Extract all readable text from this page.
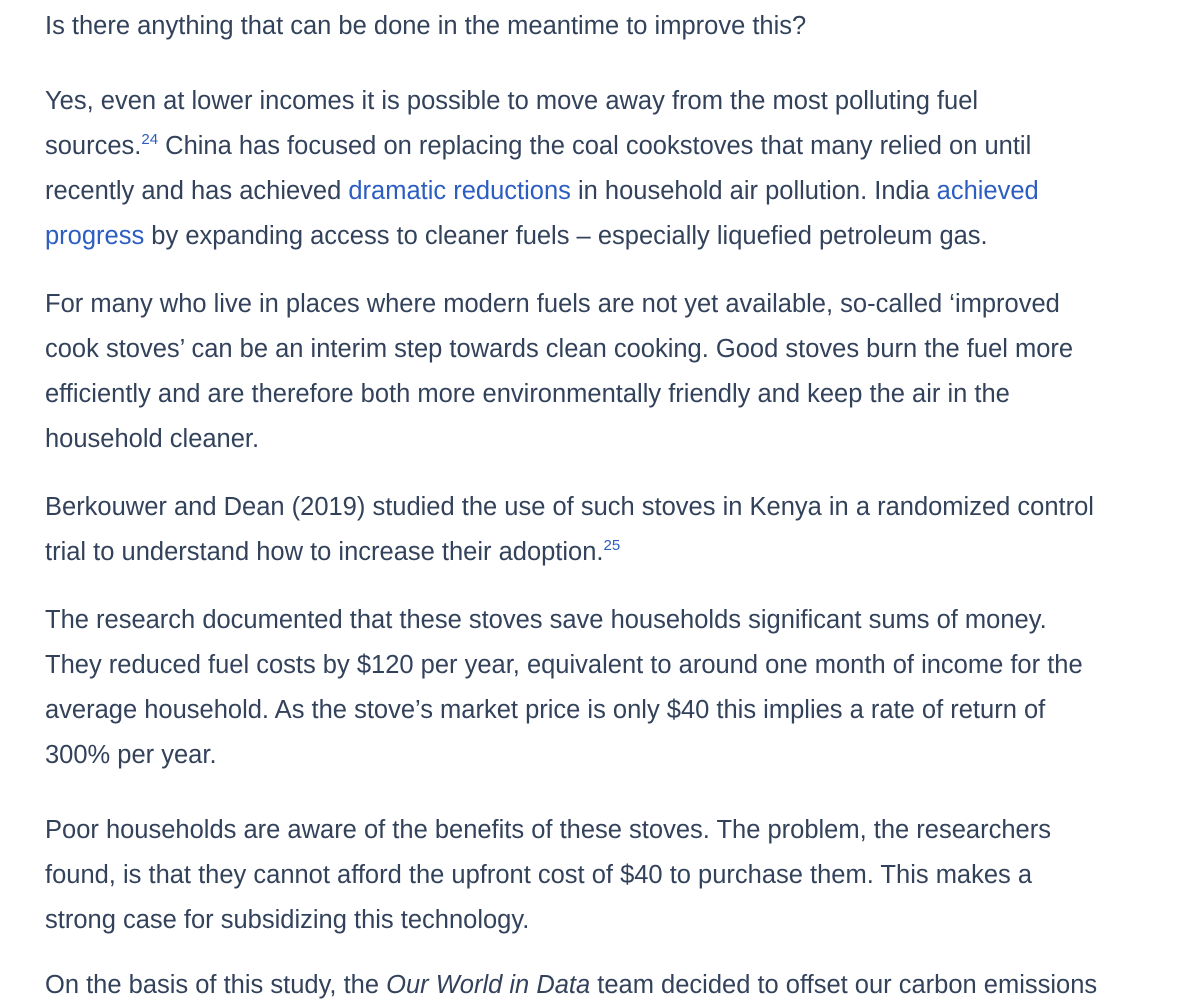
Is there anything that can be done in the meantime to improve this?

Yes, even at lower incomes it is possible to move away from the most polluting fuel
sources.$^{24}$ China has focused on replacing the coal cookstoves that many relied on until
recently and has achieved dramatic reductions in household air pollution. India achieved
progress by expanding access to cleaner fuels – especially liquefied petroleum gas.

For many who live in places where modern fuels are not yet available, so-called ‘improved
cook stoves’ can be an interim step towards clean cooking. Good stoves burn the fuel more
efficiently and are therefore both more environmentally friendly and keep the air in the
household cleaner.

Berkouwer and Dean (2019) studied the use of such stoves in Kenya in a randomized control
trial to understand how to increase their adoption.$^{25}$

The research documented that these stoves save households significant sums of money.
They reduced fuel costs by $120 per year, equivalent to around one month of income for the
average household. As the stove’s market price is only $40 this implies a rate of return of
300% per year.

Poor households are aware of the benefits of these stoves. The problem, the researchers
found, is that they cannot afford the upfront cost of $40 to purchase them. This makes a
strong case for subsidizing this technology.

On the basis of this study, the Our World in Data team decided to offset our carbon emissions
